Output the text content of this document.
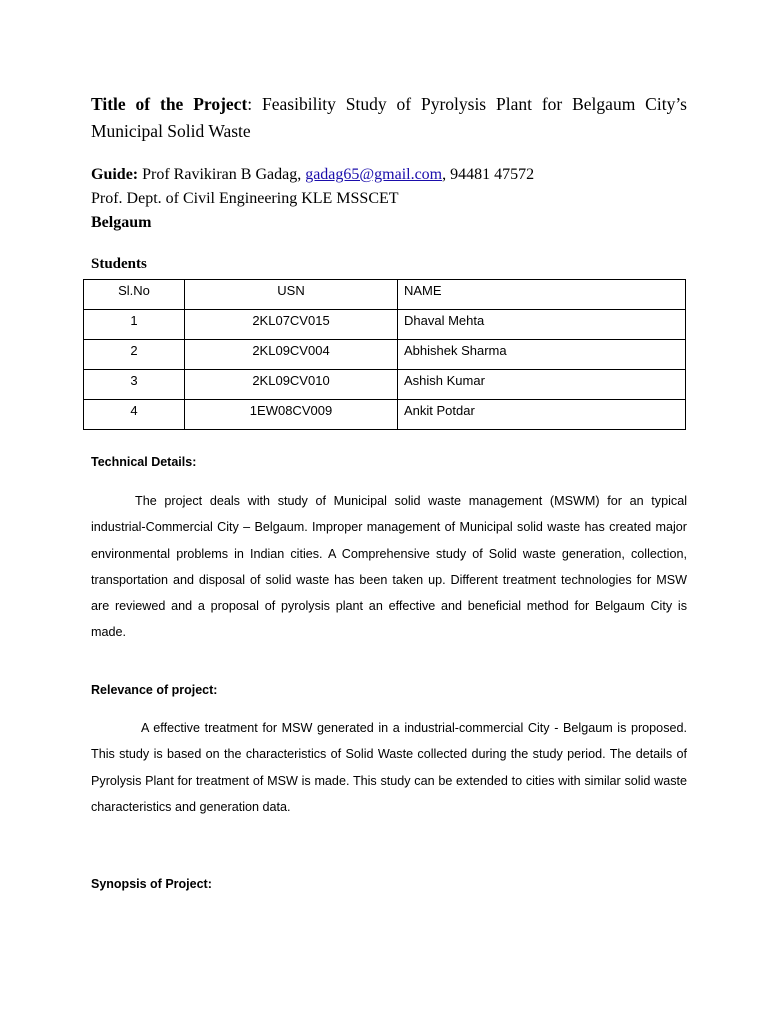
Title of the Project: Feasibility Study of Pyrolysis Plant for Belgaum City’s Municipal Solid Waste
Guide: Prof Ravikiran B Gadag, gadag65@gmail.com, 94481 47572
Prof. Dept. of Civil Engineering KLE MSSCET
Belgaum
Students
Sl.No	USN	NAME

1	2KL07CV015	Dhaval Mehta

2	2KL09CV004	Abhishek Sharma

3	2KL09CV010	Ashish Kumar

4	1EW08CV009	Ankit Potdar
Technical Details:
The project deals with study of Municipal solid waste management (MSWM) for an typical industrial-Commercial City – Belgaum. Improper management of Municipal solid waste has created major environmental problems in Indian cities. A Comprehensive study of Solid waste generation, collection, transportation and disposal of solid waste has been taken up. Different treatment technologies for MSW are reviewed and a proposal of pyrolysis plant an effective and beneficial method for Belgaum City is made.
Relevance of project:
A effective treatment for MSW generated in a industrial-commercial City - Belgaum is proposed. This study is based on the characteristics of Solid Waste collected during the study period. The details of Pyrolysis Plant for treatment of MSW is made. This study can be extended to cities with similar solid waste characteristics and generation data.
Synopsis of Project:
